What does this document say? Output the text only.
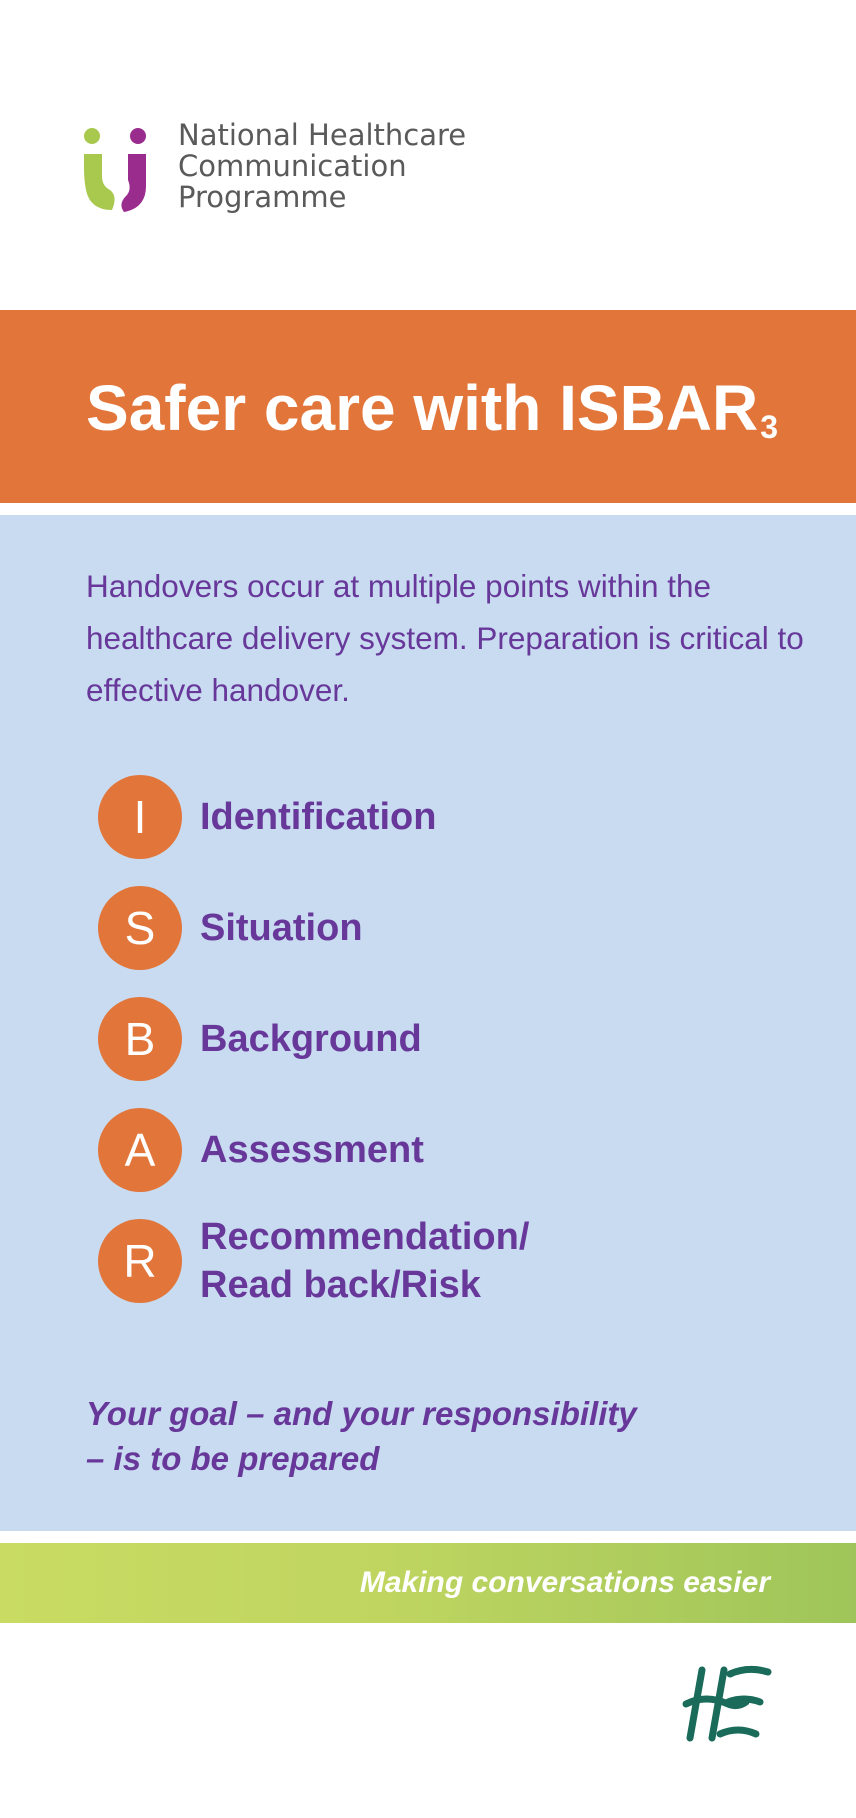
National Healthcare
Communication
Programme
Safer care with $ISBAR_3$

Handovers occur at multiple points within the healthcare delivery system. Preparation is critical to effective handover.

I	Identification
S	Situation
B	Background
A	Assessment
R	Recommendation/
Read back/Risk

Your goal – and your responsibility
– is to be prepared

Making conversations easier
